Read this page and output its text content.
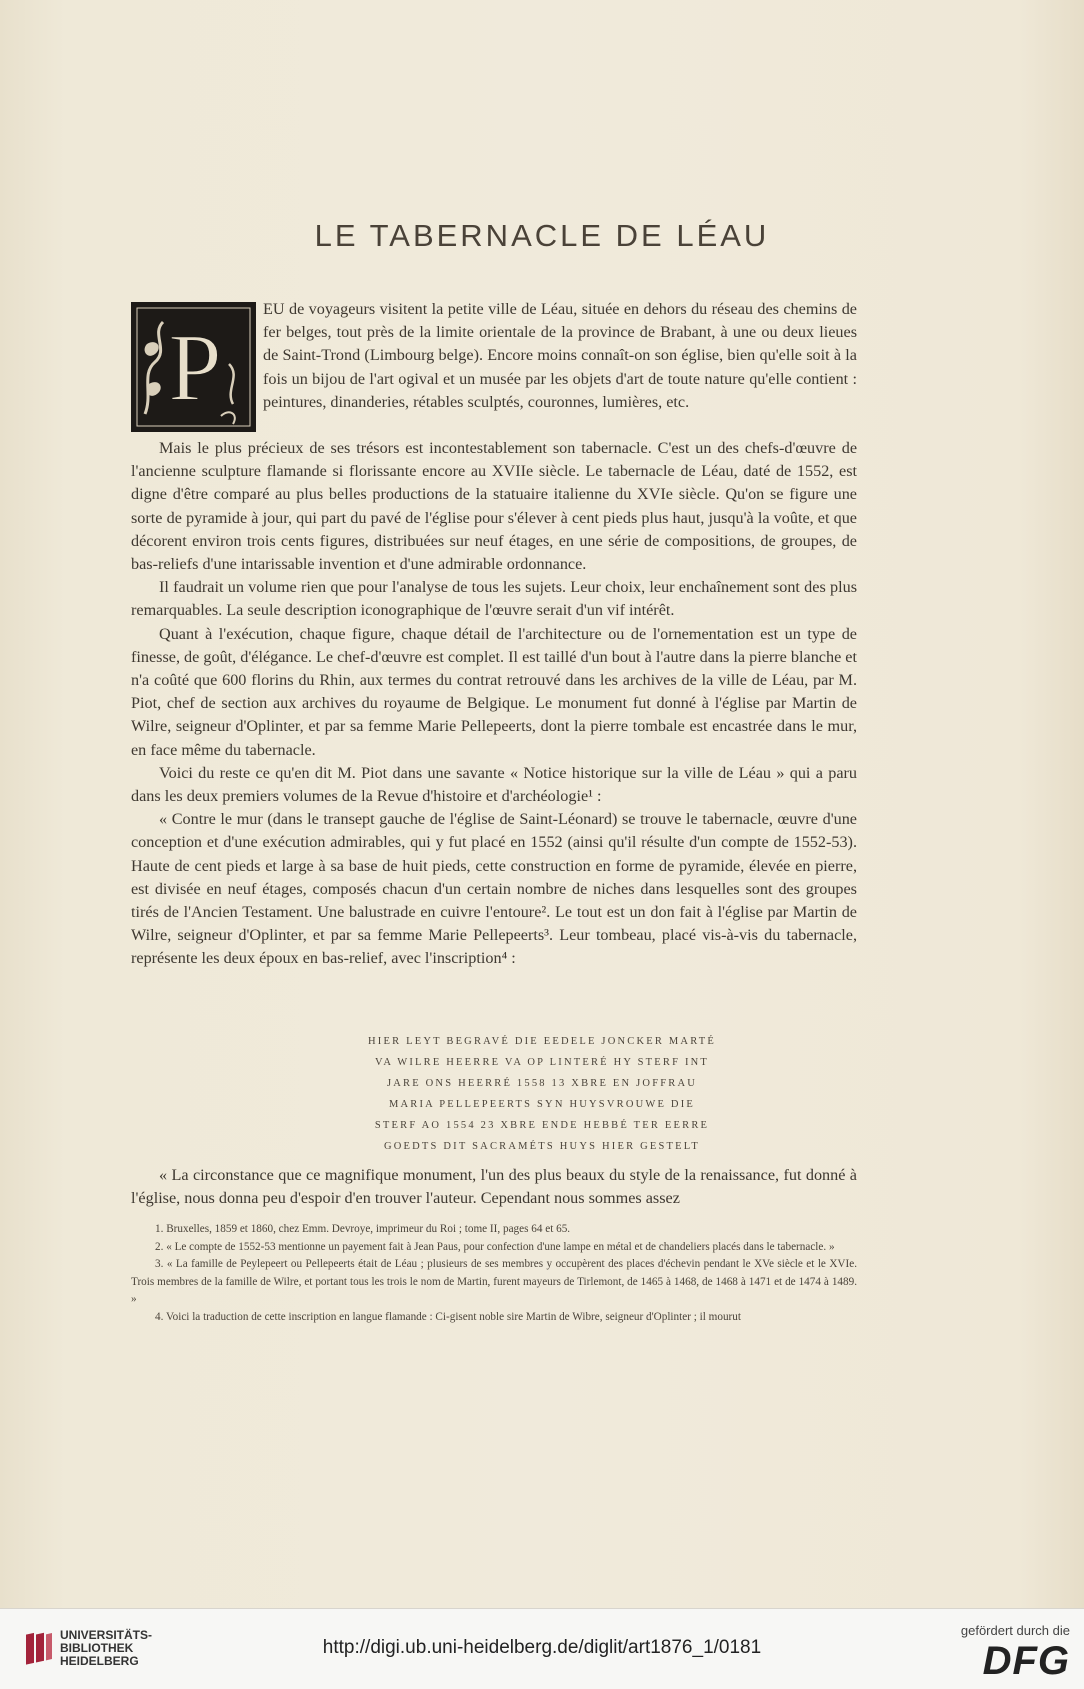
LE TABERNACLE DE LÉAU
P
EU de voyageurs visitent la petite ville de Léau, située en dehors du réseau des chemins de fer belges, tout près de la limite orientale de la province de Brabant, à une ou deux lieues de Saint-Trond (Limbourg belge). Encore moins connaît-on son église, bien qu'elle soit à la fois un bijou de l'art ogival et un musée par les objets d'art de toute nature qu'elle contient : peintures, dinanderies, rétables sculptés, couronnes, lumières, etc.

Mais le plus précieux de ses trésors est incontestablement son tabernacle. C'est un des chefs-d'œuvre de l'ancienne sculpture flamande si florissante encore au XVIIe siècle. Le tabernacle de Léau, daté de 1552, est digne d'être comparé au plus belles productions de la statuaire italienne du XVIe siècle. Qu'on se figure une sorte de pyramide à jour, qui part du pavé de l'église pour s'élever à cent pieds plus haut, jusqu'à la voûte, et que décorent environ trois cents figures, distribuées sur neuf étages, en une série de compositions, de groupes, de bas-reliefs d'une intarissable invention et d'une admirable ordonnance.

Il faudrait un volume rien que pour l'analyse de tous les sujets. Leur choix, leur enchaînement sont des plus remarquables. La seule description iconographique de l'œuvre serait d'un vif intérêt.

Quant à l'exécution, chaque figure, chaque détail de l'architecture ou de l'ornementation est un type de finesse, de goût, d'élégance. Le chef-d'œuvre est complet. Il est taillé d'un bout à l'autre dans la pierre blanche et n'a coûté que 600 florins du Rhin, aux termes du contrat retrouvé dans les archives de la ville de Léau, par M. Piot, chef de section aux archives du royaume de Belgique. Le monument fut donné à l'église par Martin de Wilre, seigneur d'Oplinter, et par sa femme Marie Pellepeerts, dont la pierre tombale est encastrée dans le mur, en face même du tabernacle.

Voici du reste ce qu'en dit M. Piot dans une savante « Notice historique sur la ville de Léau » qui a paru dans les deux premiers volumes de la Revue d'histoire et d'archéologie¹ :

« Contre le mur (dans le transept gauche de l'église de Saint-Léonard) se trouve le tabernacle, œuvre d'une conception et d'une exécution admirables, qui y fut placé en 1552 (ainsi qu'il résulte d'un compte de 1552-53). Haute de cent pieds et large à sa base de huit pieds, cette construction en forme de pyramide, élevée en pierre, est divisée en neuf étages, composés chacun d'un certain nombre de niches dans lesquelles sont des groupes tirés de l'Ancien Testament. Une balustrade en cuivre l'entoure². Le tout est un don fait à l'église par Martin de Wilre, seigneur d'Oplinter, et par sa femme Marie Pellepeerts³. Leur tombeau, placé vis-à-vis du tabernacle, représente les deux époux en bas-relief, avec l'inscription⁴ :

HIER LEYT BEGRAVÉ DIE EEDELE JONCKER MARTÉ
VA WILRE HEERRE VA OP LINTERÉ HY STERF INT
JARE ONS HEERRÉ 1558 13 XBRE EN JOFFRAU
MARIA PELLEPEERTS SYN HUYSVROUWE DIE
STERF AO 1554 23 XBRE ENDE HEBBÉ TER EERRE
GOEDTS DIT SACRAMÉTS HUYS HIER GESTELT

« La circonstance que ce magnifique monument, l'un des plus beaux du style de la renaissance, fut donné à l'église, nous donna peu d'espoir d'en trouver l'auteur. Cependant nous sommes assez

1. Bruxelles, 1859 et 1860, chez Emm. Devroye, imprimeur du Roi ; tome II, pages 64 et 65.

2. « Le compte de 1552-53 mentionne un payement fait à Jean Paus, pour confection d'une lampe en métal et de chandeliers placés dans le tabernacle. »

3. « La famille de Peylepeert ou Pellepeerts était de Léau ; plusieurs de ses membres y occupèrent des places d'échevin pendant le XVe siècle et le XVIe. Trois membres de la famille de Wilre, et portant tous les trois le nom de Martin, furent mayeurs de Tirlemont, de 1465 à 1468, de 1468 à 1471 et de 1474 à 1489. »

4. Voici la traduction de cette inscription en langue flamande : Ci-gisent noble sire Martin de Wibre, seigneur d'Oplinter ; il mourut

UNIVERSITÄTS-
BIBLIOTHEK
HEIDELBERG
http://digi.ub.uni-heidelberg.de/diglit/art1876_1/0181
gefördert durch die
DFG
